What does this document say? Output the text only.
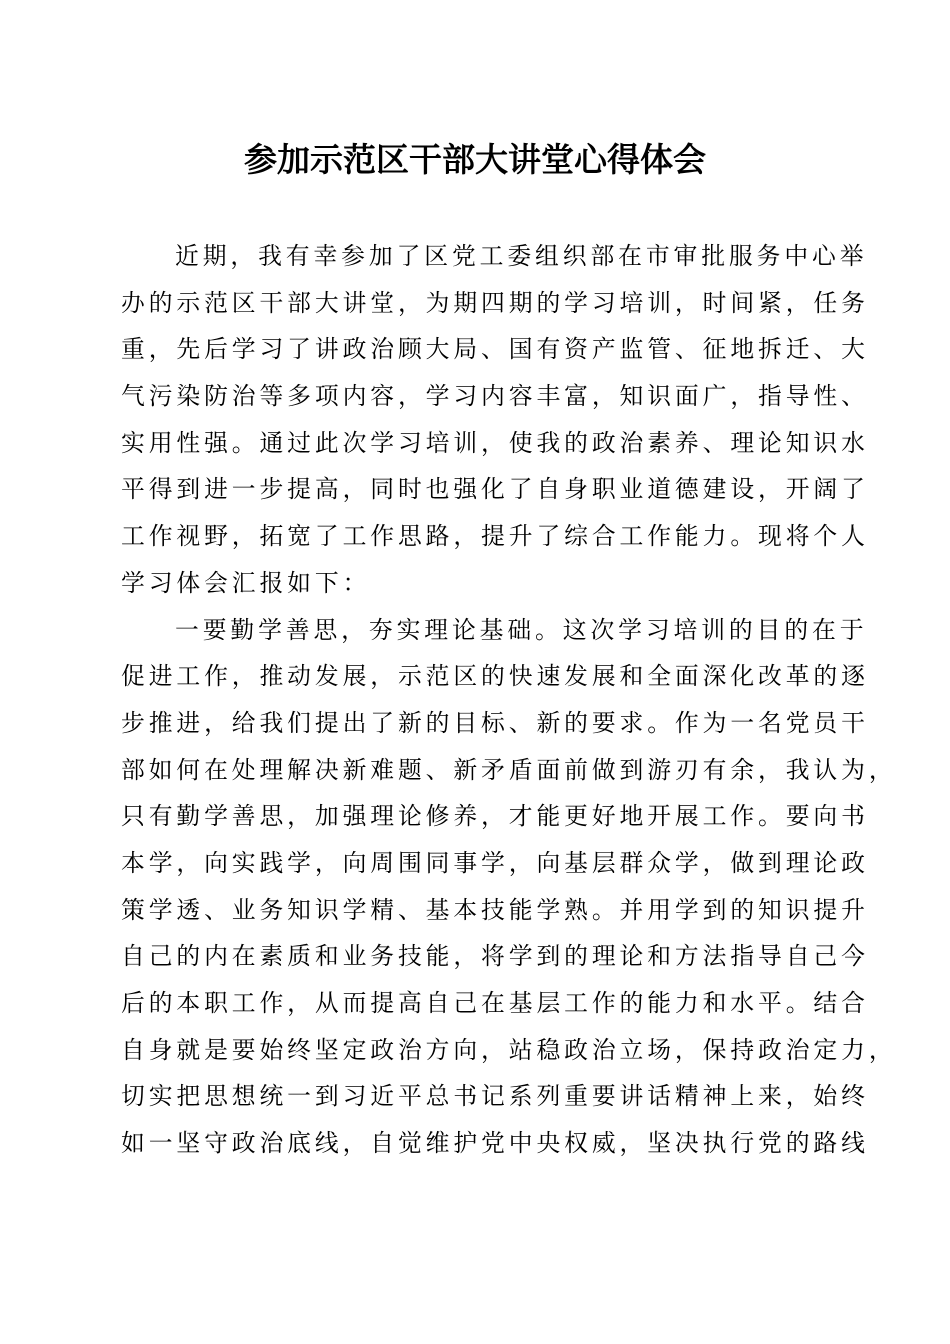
参加示范区干部大讲堂心得体会
近期，我有幸参加了区党工委组织部在市审批服务中心举
办的示范区干部大讲堂，为期四期的学习培训，时间紧，任务
重，先后学习了讲政治顾大局、国有资产监管、征地拆迁、大
气污染防治等多项内容，学习内容丰富，知识面广，指导性、
实用性强。通过此次学习培训，使我的政治素养、理论知识水
平得到进一步提高，同时也强化了自身职业道德建设，开阔了
工作视野，拓宽了工作思路，提升了综合工作能力。现将个人
学习体会汇报如下：
一要勤学善思，夯实理论基础。这次学习培训的目的在于
促进工作，推动发展，示范区的快速发展和全面深化改革的逐
步推进，给我们提出了新的目标、新的要求。作为一名党员干
部如何在处理解决新难题、新矛盾面前做到游刃有余，我认为，
只有勤学善思，加强理论修养，才能更好地开展工作。要向书
本学，向实践学，向周围同事学，向基层群众学，做到理论政
策学透、业务知识学精、基本技能学熟。并用学到的知识提升
自己的内在素质和业务技能，将学到的理论和方法指导自己今
后的本职工作，从而提高自己在基层工作的能力和水平。结合
自身就是要始终坚定政治方向，站稳政治立场，保持政治定力，
切实把思想统一到习近平总书记系列重要讲话精神上来，始终
如一坚守政治底线，自觉维护党中央权威，坚决执行党的路线
